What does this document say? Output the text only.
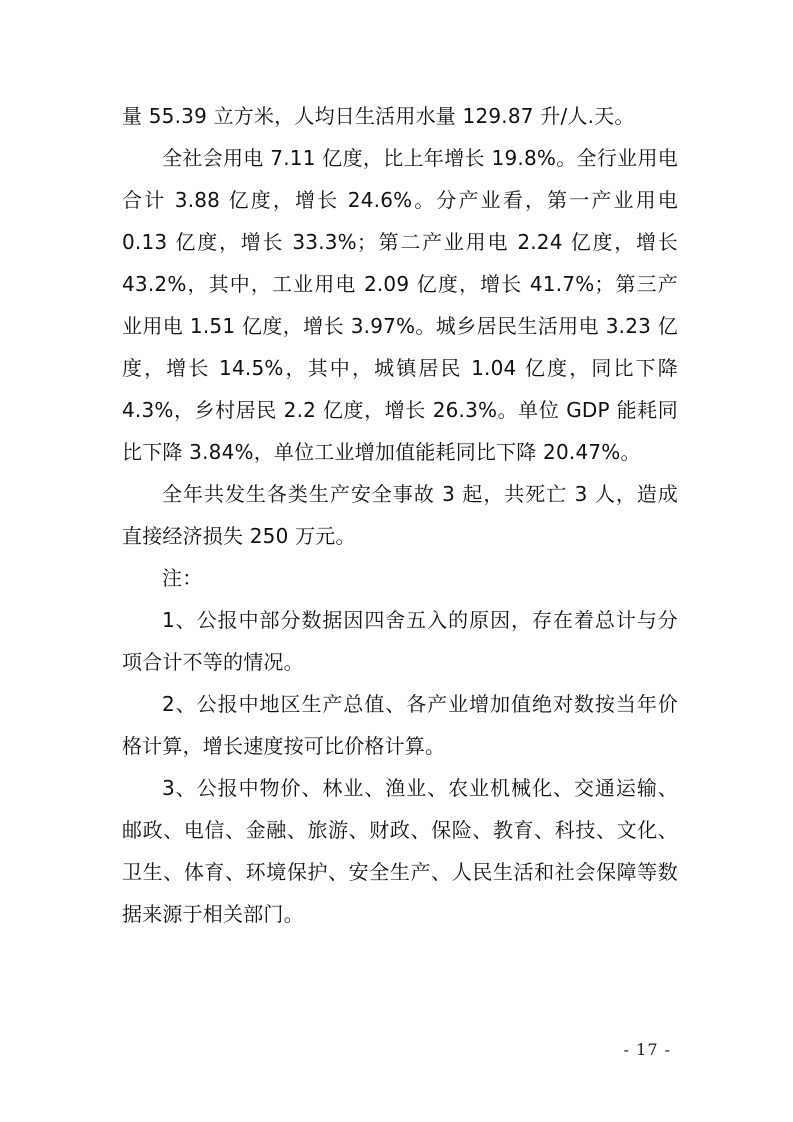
量 55.39 立方米，人均日生活用水量 129.87 升/人.天。

全社会用电 7.11 亿度，比上年增长 19.8%。全行业用电合计 3.88 亿度，增长 24.6%。分产业看，第一产业用电 0.13 亿度，增长 33.3%；第二产业用电 2.24 亿度，增长 43.2%，其中，工业用电 2.09 亿度，增长 41.7%；第三产业用电 1.51 亿度，增长 3.97%。城乡居民生活用电 3.23 亿度，增长 14.5%，其中，城镇居民 1.04 亿度，同比下降 4.3%，乡村居民 2.2 亿度，增长 26.3%。单位 GDP 能耗同比下降 3.84%，单位工业增加值能耗同比下降 20.47%。

全年共发生各类生产安全事故 3 起，共死亡 3 人，造成直接经济损失 250 万元。

注：

1、公报中部分数据因四舍五入的原因，存在着总计与分项合计不等的情况。

2、公报中地区生产总值、各产业增加值绝对数按当年价格计算，增长速度按可比价格计算。

3、公报中物价、林业、渔业、农业机械化、交通运输、邮政、电信、金融、旅游、财政、保险、教育、科技、文化、卫生、体育、环境保护、安全生产、人民生活和社会保障等数据来源于相关部门。

- 17 -
